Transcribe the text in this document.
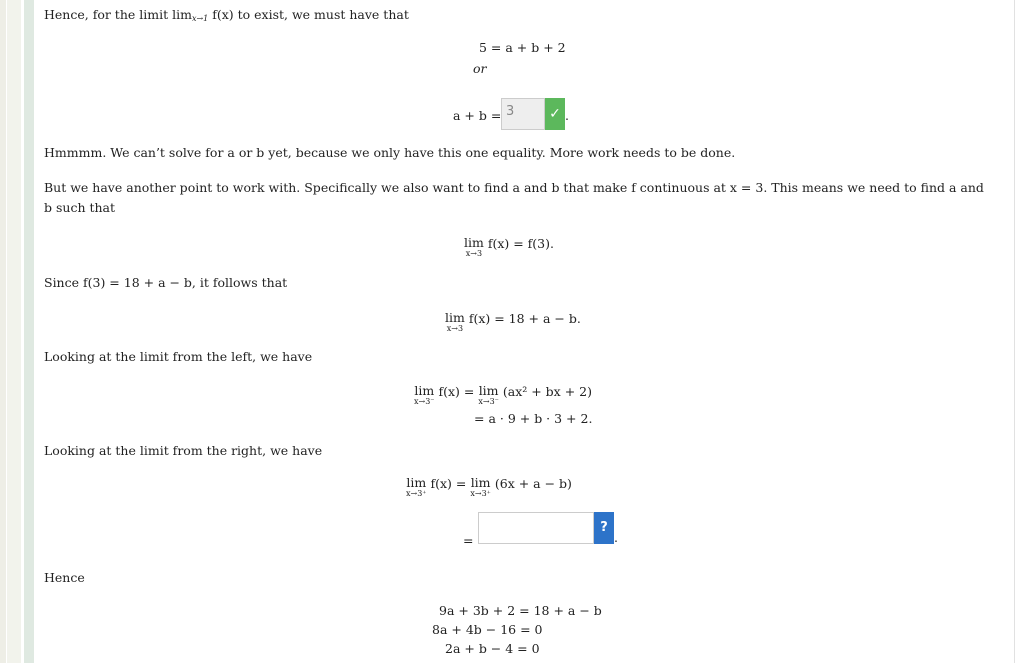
Hence, for the limit limx→1 f(x) to exist, we must have that
5 = a + b + 2
or
a + b = 3	✓ .
Hmmmm. We can’t solve for a or b yet, because we only have this one equality. More work needs to be done.
But we have another point to work with. Specifically we also want to find a and b that make f continuous at x = 3. This means we need to find a and b such that
lim
x→3
f(x) = f(3).
Since f(3) = 18 + a − b, it follows that
lim
x→3
f(x) = 18 + a − b.
Looking at the limit from the left, we have
lim
x→3⁻
f(x) = lim
x→3⁻
(ax² + bx + 2)
= a · 9 + b · 3 + 2.
Looking at the limit from the right, we have
lim
x→3⁺
f(x) = lim
x→3⁺
(6x + a − b)
=
?
.
Hence
9a + 3b + 2 = 18 + a − b
8a + 4b − 16 = 0
2a + b − 4 = 0
